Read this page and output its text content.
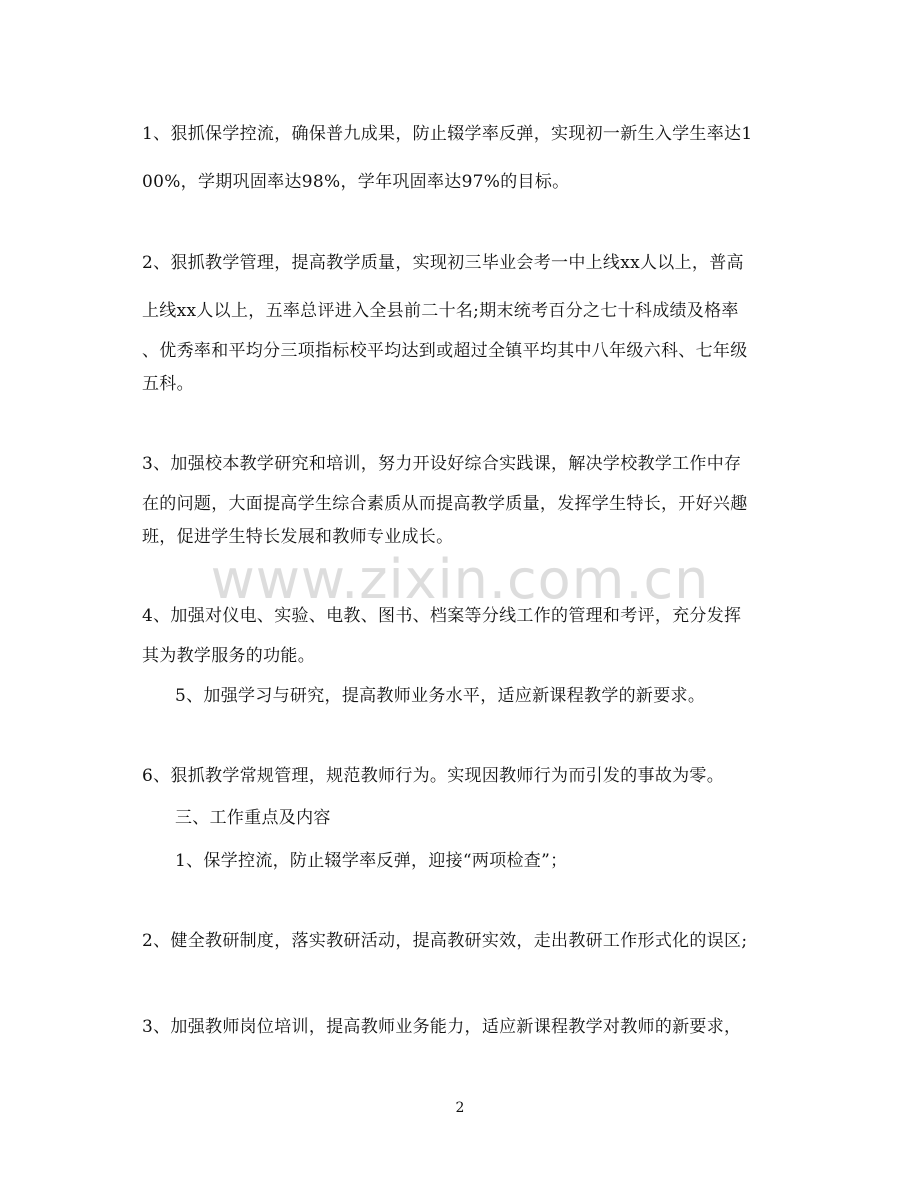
1、狠抓保学控流，确保普九成果，防止辍学率反弹，实现初一新生入学生率达1
00%，学期巩固率达98%，学年巩固率达97%的目标。
2、狠抓教学管理，提高教学质量，实现初三毕业会考一中上线xx人以上，普高
上线xx人以上，五率总评进入全县前二十名;期末统考百分之七十科成绩及格率
、优秀率和平均分三项指标校平均达到或超过全镇平均其中八年级六科、七年级
五科。
3、加强校本教学研究和培训，努力开设好综合实践课，解决学校教学工作中存
在的问题，大面提高学生综合素质从而提高教学质量，发挥学生特长，开好兴趣
班，促进学生特长发展和教师专业成长。
4、加强对仪电、实验、电教、图书、档案等分线工作的管理和考评，充分发挥
其为教学服务的功能。
5、加强学习与研究，提高教师业务水平，适应新课程教学的新要求。
6、狠抓教学常规管理，规范教师行为。实现因教师行为而引发的事故为零。
三、工作重点及内容
1、保学控流，防止辍学率反弹，迎接“两项检查”；
2、健全教研制度，落实教研活动，提高教研实效，走出教研工作形式化的误区;
3、加强教师岗位培训，提高教师业务能力，适应新课程教学对教师的新要求，
www.zixin.com.cn
2
